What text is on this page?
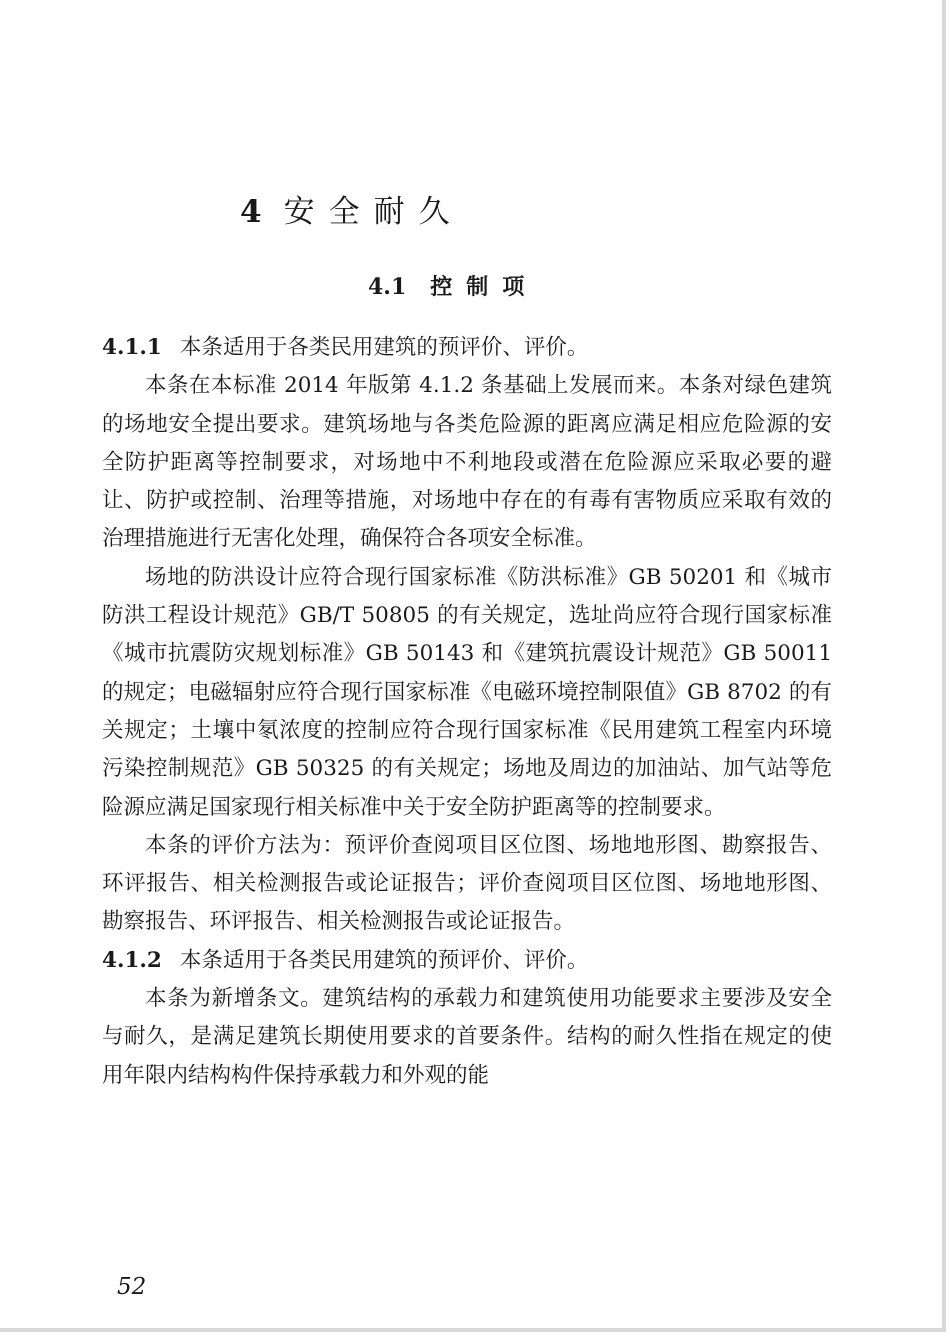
4 安全耐久
4.1 控制项

4.1.1 本条适用于各类民用建筑的预评价、评价。

本条在本标准 2014 年版第 4.1.2 条基础上发展而来。本条对绿色建筑的场地安全提出要求。建筑场地与各类危险源的距离应满足相应危险源的安全防护距离等控制要求，对场地中不利地段或潜在危险源应采取必要的避让、防护或控制、治理等措施，对场地中存在的有毒有害物质应采取有效的治理措施进行无害化处理，确保符合各项安全标准。

场地的防洪设计应符合现行国家标准《防洪标准》GB 50201 和《城市防洪工程设计规范》GB/T 50805 的有关规定，选址尚应符合现行国家标准《城市抗震防灾规划标准》GB 50143 和《建筑抗震设计规范》GB 50011 的规定；电磁辐射应符合现行国家标准《电磁环境控制限值》GB 8702 的有关规定；土壤中氡浓度的控制应符合现行国家标准《民用建筑工程室内环境污染控制规范》GB 50325 的有关规定；场地及周边的加油站、加气站等危险源应满足国家现行相关标准中关于安全防护距离等的控制要求。

本条的评价方法为：预评价查阅项目区位图、场地地形图、勘察报告、环评报告、相关检测报告或论证报告；评价查阅项目区位图、场地地形图、勘察报告、环评报告、相关检测报告或论证报告。

4.1.2 本条适用于各类民用建筑的预评价、评价。

本条为新增条文。建筑结构的承载力和建筑使用功能要求主要涉及安全与耐久，是满足建筑长期使用要求的首要条件。结构的耐久性指在规定的使用年限内结构构件保持承载力和外观的能

52
